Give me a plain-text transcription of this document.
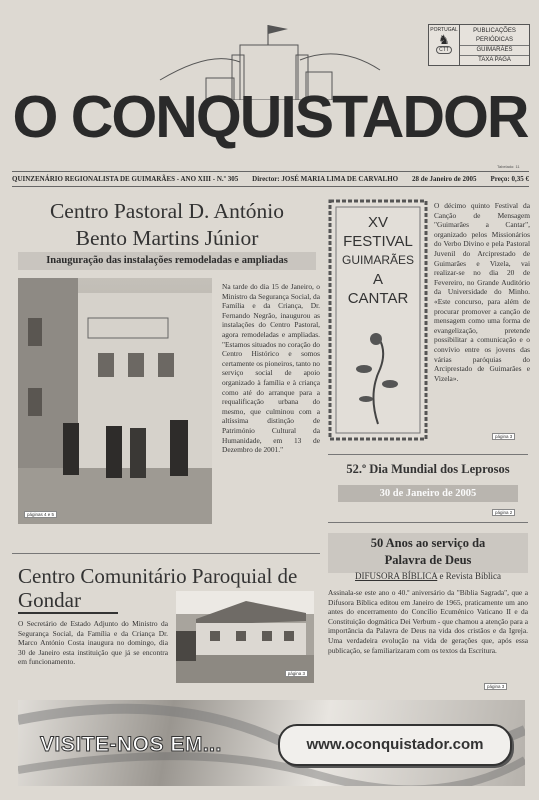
O CONQUISTADOR
PORTUGAL
♞
CTT
PUBLICAÇÕES PERIÓDICAS
GUIMARÃES
TAXA PAGA
Tabelado: 11
QUINZENÁRIO REGIONALISTA DE GUIMARÃES - ANO XIII - N.º 305 Director: JOSÉ MARIA LIMA DE CARVALHO 28 de Janeiro de 2005 Preço: 0,35 €
Centro Pastoral D. António
Bento Martins Júnior
Inauguração das instalações remodeladas e ampliadas
páginas 4 e 5
Na tarde do dia 15 de Janeiro, o Ministro da Segurança Social, da Família e da Criança, Dr. Fernando Negrão, inaugurou as instalações do Centro Pastoral, agora remodeladas e ampliadas. "Estamos situados no coração do Centro Histórico e somos certamente os pioneiros, tanto no serviço social de apoio organizado à família e à criança como até do arranque para a requalificação urbana do mesmo, que culminou com a altíssima distinção de Património Cultural da Humanidade, em 13 de Dezembro de 2001."
XV
FESTIVAL
GUIMARÃES
A
CANTAR
O décimo quinto Festival da Canção de Mensagem "Guimarães a Cantar", organizado pelos Missionários do Verbo Divino e pela Pastoral Juvenil do Arciprestado de Guimarães e Vizela, vai realizar-se no dia 20 de Fevereiro, no Grande Auditório da Universidade do Minho. «Este concurso, para além de procurar promover a canção de mensagem como uma forma de evangelização, pretende possibilitar a comunicação e o convívio entre os jovens das várias paróquias do Arciprestado de Guimarães e Vizela».
página 3
52.º Dia Mundial dos Leprosos
30 de Janeiro de 2005
página 2
50 Anos ao serviço da
Palavra de Deus
DIFUSORA BÍBLICA e Revista Bíblica
Assinala-se este ano o 40.º aniversário da "Bíblia Sagrada", que a Difusora Bíblica editou em Janeiro de 1965, praticamente um ano antes do encerramento do Concílio Ecuménico Vaticano II e da Constituição dogmática Dei Verbum - que chamou a atenção para a importância da Palavra de Deus na vida dos cristãos e da Igreja. Uma verdadeira evolução na vida de gerações que, após essa publicação, se familiarizaram com os textos da Escritura.
página 3
Centro Comunitário Paroquial de Gondar
página 3
O Secretário de Estado Adjunto do Ministro da Segurança Social, da Família e da Criança Dr. Marco António Costa inaugura no domingo, dia 30 de Janeiro esta instituição que já se encontra em funcionamento.
VISITE-NOS EM...	www.oconquistador.com
